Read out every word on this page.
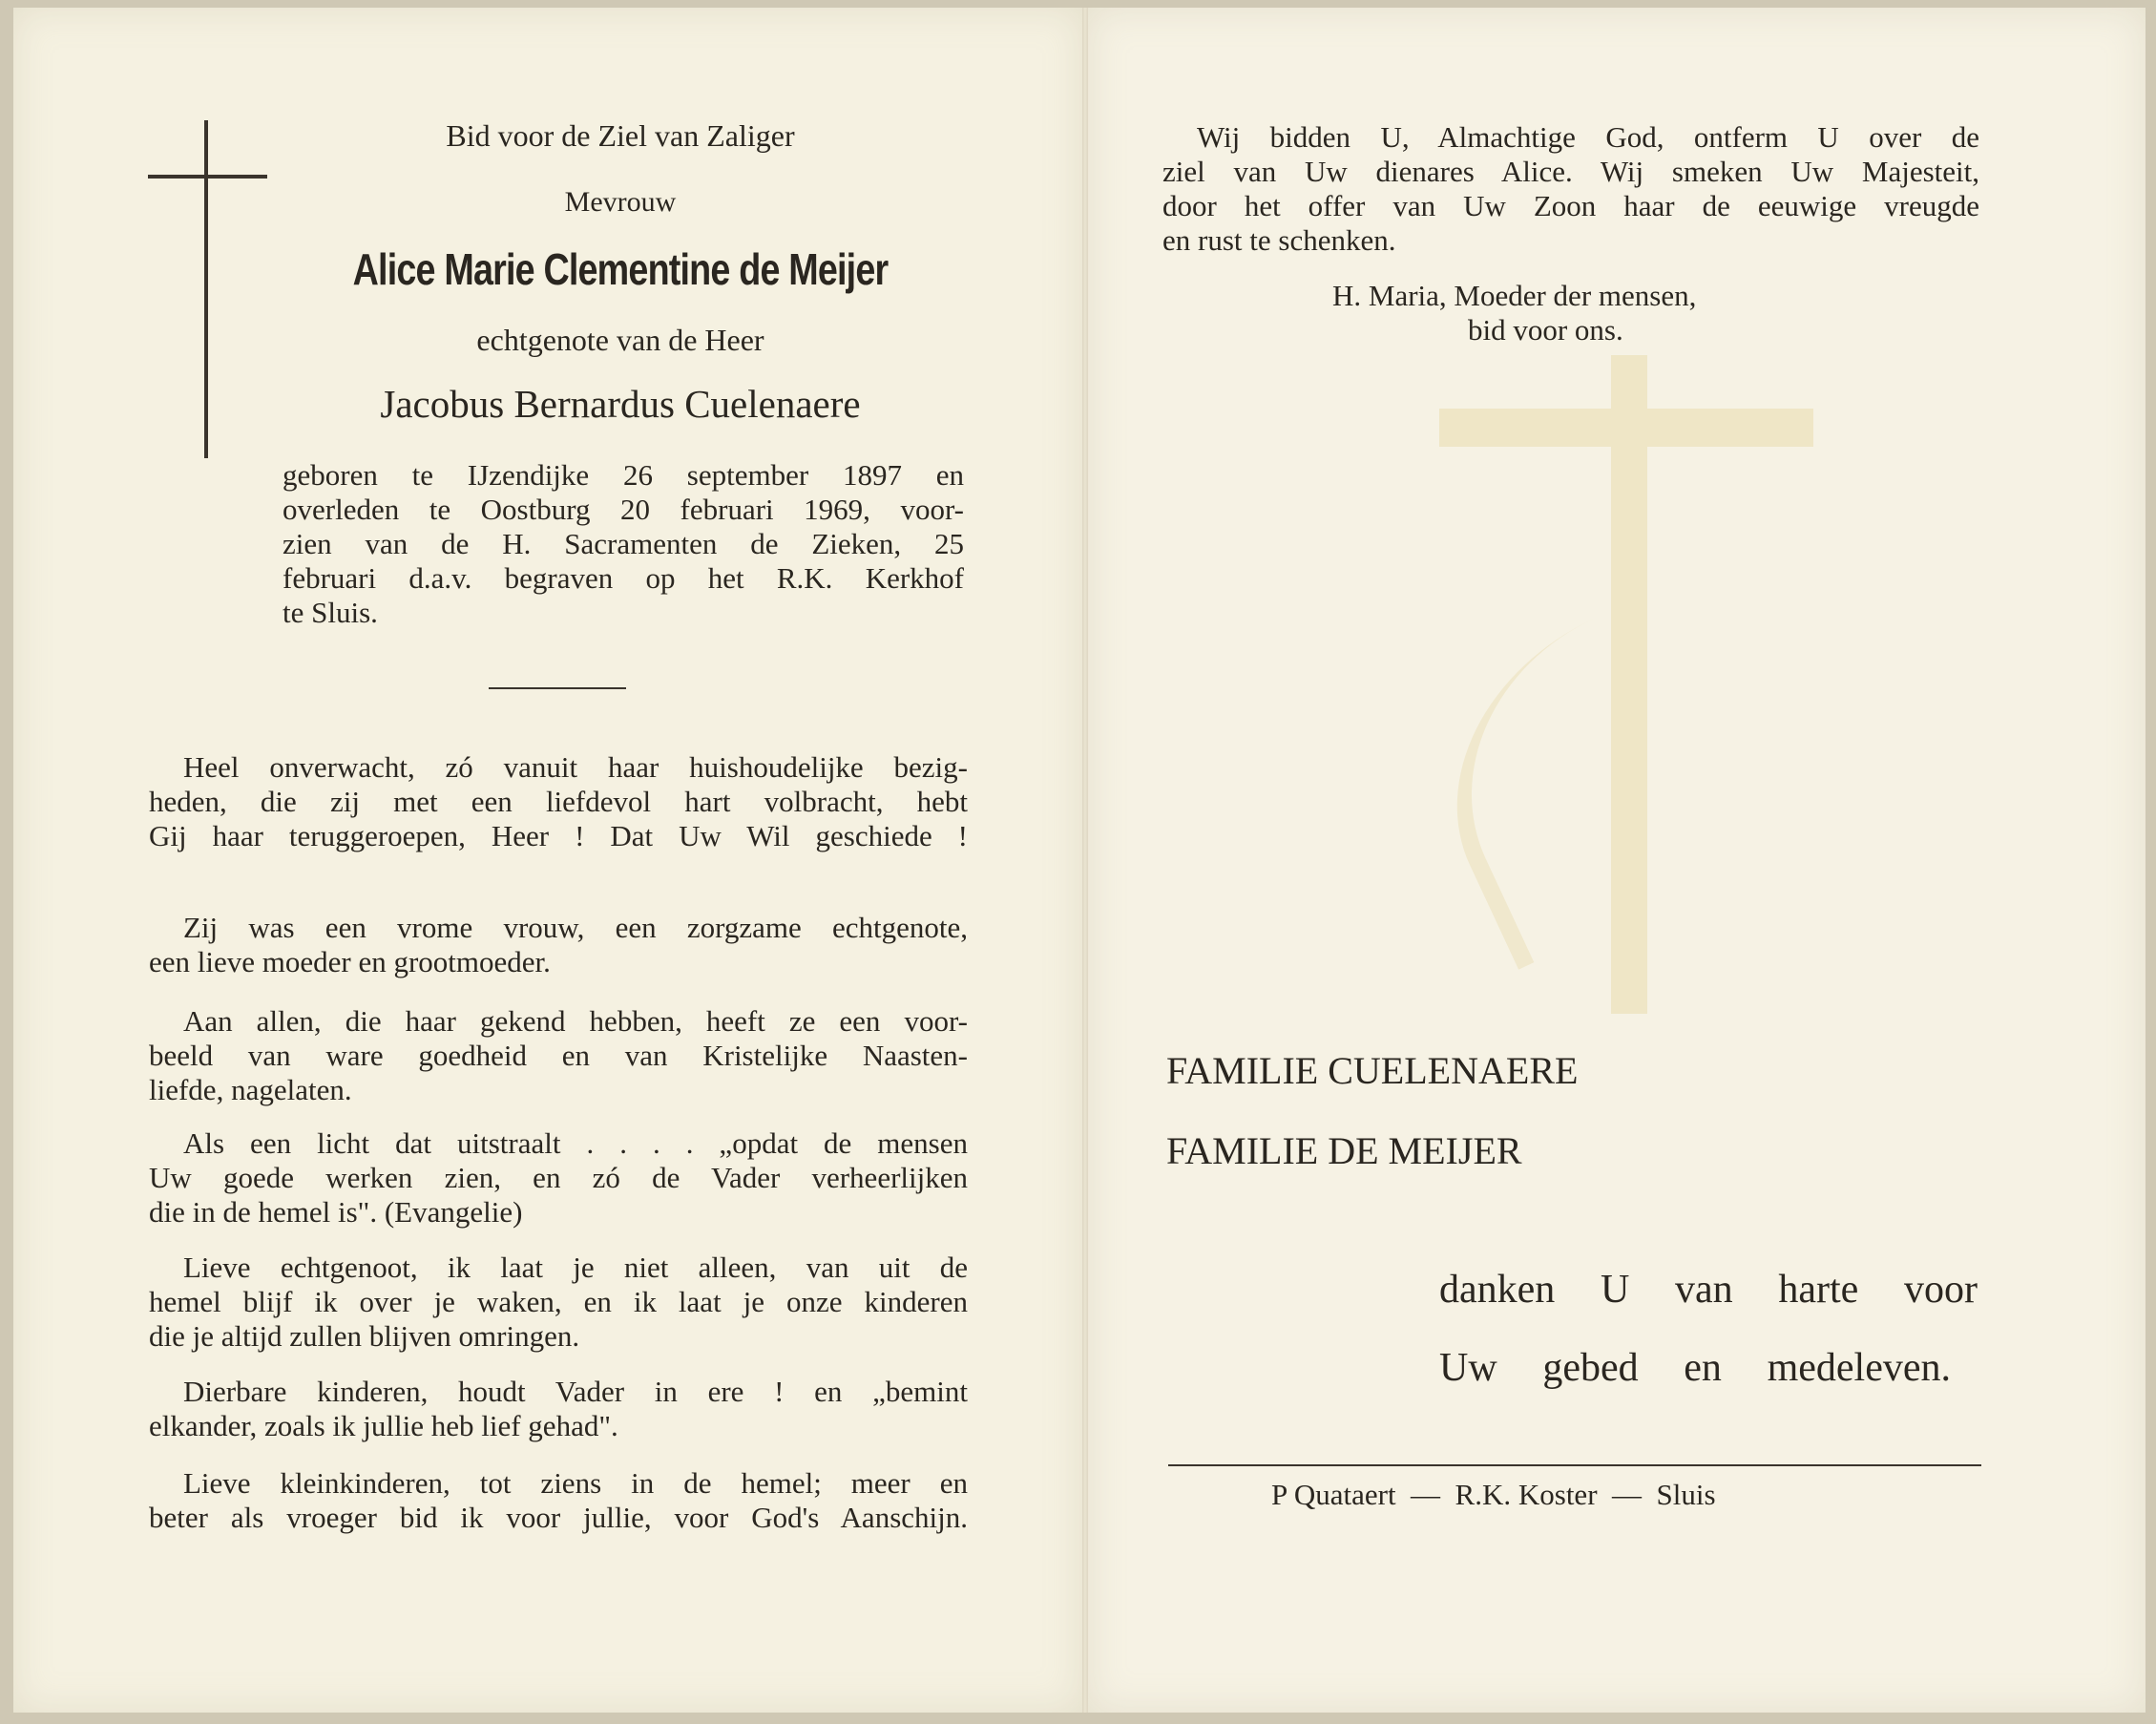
Bid voor de Ziel van Zaliger
Mevrouw
Alice Marie Clementine de Meijer
echtgenote van de Heer
Jacobus Bernardus Cuelenaere
geboren te IJzendijke 26 september 1897 en
overleden te Oostburg 20 februari 1969, voor-
zien van de H. Sacramenten de Zieken, 25
februari d.a.v. begraven op het R.K. Kerkhof
te Sluis.
Heel onverwacht, zó vanuit haar huishoudelijke bezig-
heden, die zij met een liefdevol hart volbracht, hebt
Gij haar teruggeroepen, Heer ! Dat Uw Wil geschiede !
Zij was een vrome vrouw, een zorgzame echtgenote,
een lieve moeder en grootmoeder.
Aan allen, die haar gekend hebben, heeft ze een voor-
beeld van ware goedheid en van Kristelijke Naasten-
liefde, nagelaten.
Als een licht dat uitstraalt . . . . „opdat de mensen
Uw goede werken zien, en zó de Vader verheerlijken
die in de hemel is". (Evangelie)
Lieve echtgenoot, ik laat je niet alleen, van uit de
hemel blijf ik over je waken, en ik laat je onze kinderen
die je altijd zullen blijven omringen.
Dierbare kinderen, houdt Vader in ere ! en „bemint
elkander, zoals ik jullie heb lief gehad".
Lieve kleinkinderen, tot ziens in de hemel; meer en
beter als vroeger bid ik voor jullie, voor God's Aanschijn.
Wij bidden U, Almachtige God, ontferm U over de
ziel van Uw dienares Alice. Wij smeken Uw Majesteit,
door het offer van Uw Zoon haar de eeuwige vreugde
en rust te schenken.
H. Maria, Moeder der mensen,
bid voor ons.
FAMILIE CUELENAERE
FAMILIE DE MEIJER
danken U van harte voor
Uw gebed en medeleven.
P Quataert  —  R.K. Koster  —  Sluis
